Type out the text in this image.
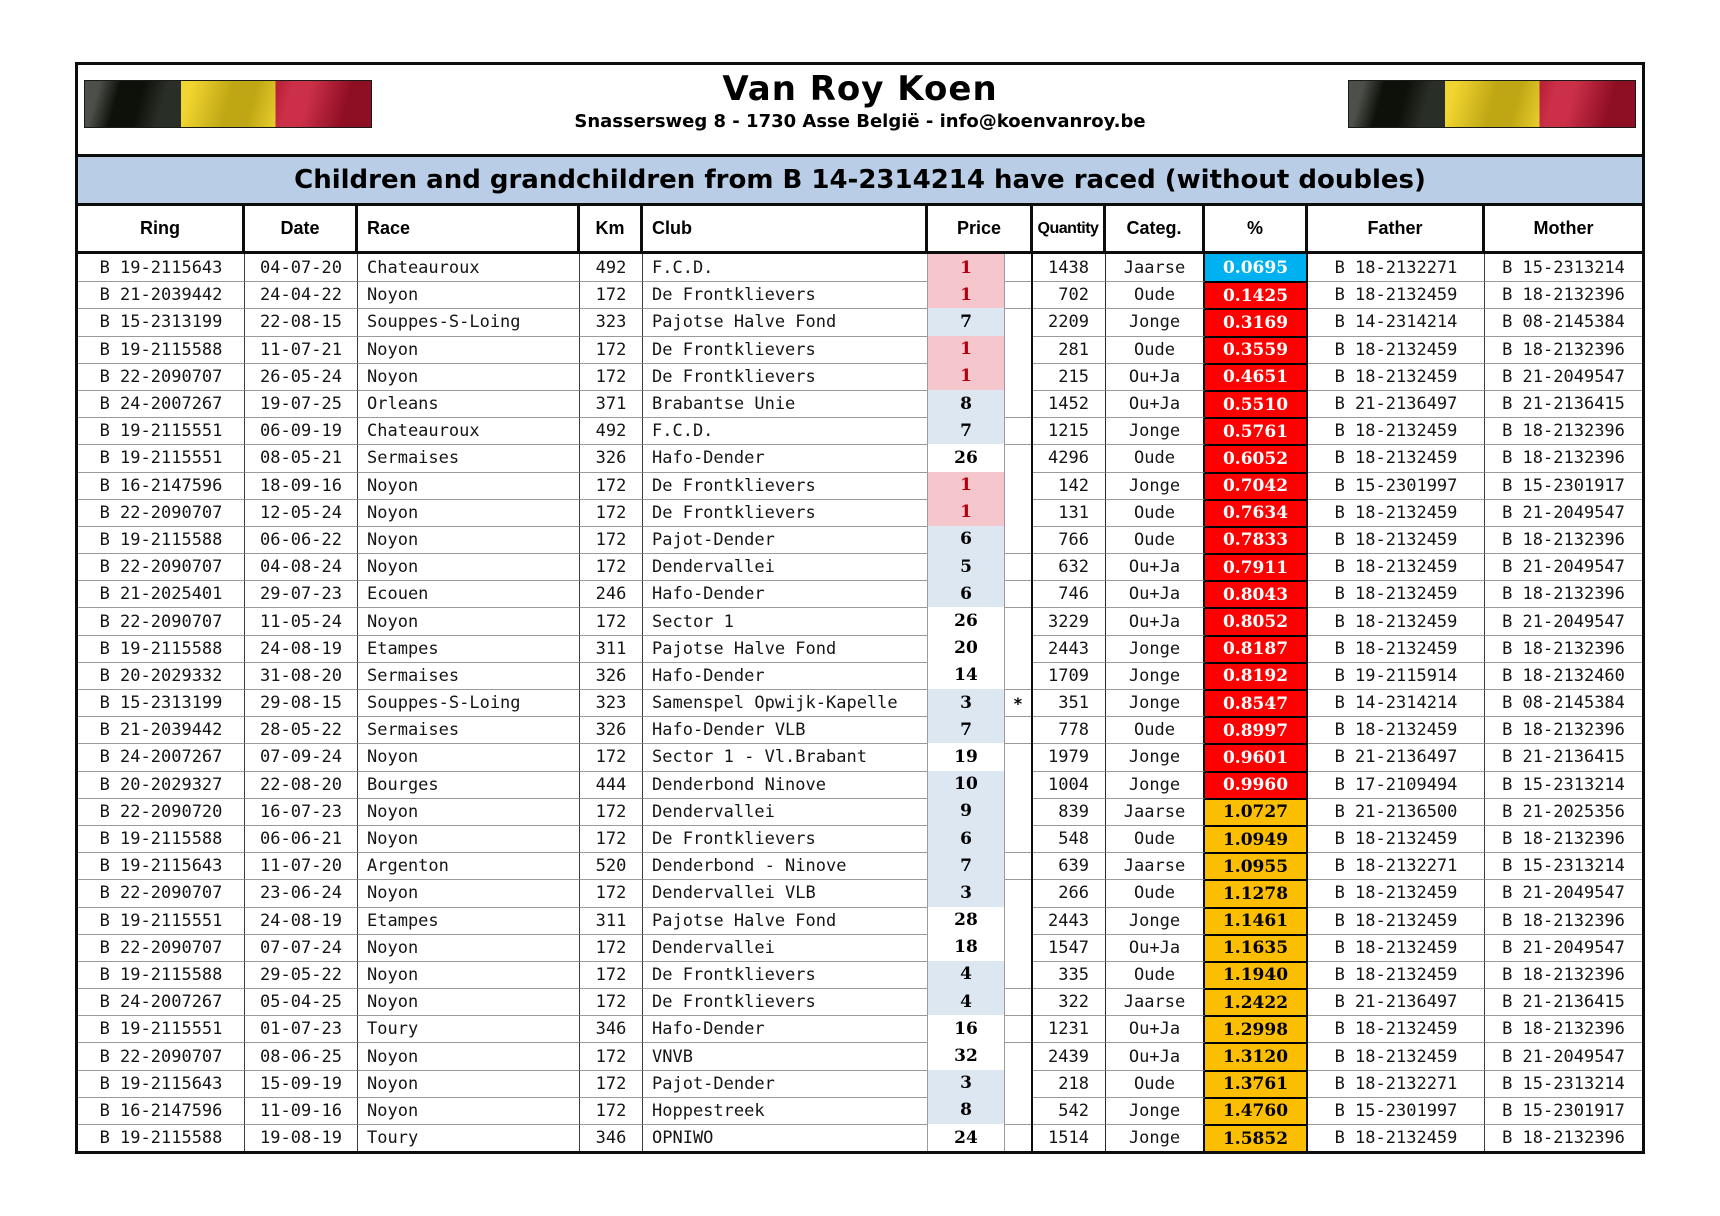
Van Roy Koen
Snassersweg 8 - 1730 Asse België - info@koenvanroy.be
Children and grandchildren from B 14-2314214 have raced (without doubles)
Ring	Date	Race	Km	Club	Price	Quantity	Categ.	%	Father	Mother
B 19-2115643	04-07-20	Chateauroux	492	F.C.D.	1	1438	Jaarse	0.0695	B 18-2132271	B 15-2313214
B 21-2039442	24-04-22	Noyon	172	De Frontklievers	1	702	Oude	0.1425	B 18-2132459	B 18-2132396
B 15-2313199	22-08-15	Souppes-S-Loing	323	Pajotse Halve Fond	7	2209	Jonge	0.3169	B 14-2314214	B 08-2145384
B 19-2115588	11-07-21	Noyon	172	De Frontklievers	1	281	Oude	0.3559	B 18-2132459	B 18-2132396
B 22-2090707	26-05-24	Noyon	172	De Frontklievers	1	215	Ou+Ja	0.4651	B 18-2132459	B 21-2049547
B 24-2007267	19-07-25	Orleans	371	Brabantse Unie	8	1452	Ou+Ja	0.5510	B 21-2136497	B 21-2136415
B 19-2115551	06-09-19	Chateauroux	492	F.C.D.	7	1215	Jonge	0.5761	B 18-2132459	B 18-2132396
B 19-2115551	08-05-21	Sermaises	326	Hafo-Dender	26	4296	Oude	0.6052	B 18-2132459	B 18-2132396
B 16-2147596	18-09-16	Noyon	172	De Frontklievers	1	142	Jonge	0.7042	B 15-2301997	B 15-2301917
B 22-2090707	12-05-24	Noyon	172	De Frontklievers	1	131	Oude	0.7634	B 18-2132459	B 21-2049547
B 19-2115588	06-06-22	Noyon	172	Pajot-Dender	6	766	Oude	0.7833	B 18-2132459	B 18-2132396
B 22-2090707	04-08-24	Noyon	172	Dendervallei	5	632	Ou+Ja	0.7911	B 18-2132459	B 21-2049547
B 21-2025401	29-07-23	Ecouen	246	Hafo-Dender	6	746	Ou+Ja	0.8043	B 18-2132459	B 18-2132396
B 22-2090707	11-05-24	Noyon	172	Sector 1	26	3229	Ou+Ja	0.8052	B 18-2132459	B 21-2049547
B 19-2115588	24-08-19	Etampes	311	Pajotse Halve Fond	20	2443	Jonge	0.8187	B 18-2132459	B 18-2132396
B 20-2029332	31-08-20	Sermaises	326	Hafo-Dender	14	1709	Jonge	0.8192	B 19-2115914	B 18-2132460
B 15-2313199	29-08-15	Souppes-S-Loing	323	Samenspel Opwijk-Kapelle	3	*	351	Jonge	0.8547	B 14-2314214	B 08-2145384
B 21-2039442	28-05-22	Sermaises	326	Hafo-Dender VLB	7	778	Oude	0.8997	B 18-2132459	B 18-2132396
B 24-2007267	07-09-24	Noyon	172	Sector 1 - Vl.Brabant	19	1979	Jonge	0.9601	B 21-2136497	B 21-2136415
B 20-2029327	22-08-20	Bourges	444	Denderbond Ninove	10	1004	Jonge	0.9960	B 17-2109494	B 15-2313214
B 22-2090720	16-07-23	Noyon	172	Dendervallei	9	839	Jaarse	1.0727	B 21-2136500	B 21-2025356
B 19-2115588	06-06-21	Noyon	172	De Frontklievers	6	548	Oude	1.0949	B 18-2132459	B 18-2132396
B 19-2115643	11-07-20	Argenton	520	Denderbond - Ninove	7	639	Jaarse	1.0955	B 18-2132271	B 15-2313214
B 22-2090707	23-06-24	Noyon	172	Dendervallei VLB	3	266	Oude	1.1278	B 18-2132459	B 21-2049547
B 19-2115551	24-08-19	Etampes	311	Pajotse Halve Fond	28	2443	Jonge	1.1461	B 18-2132459	B 18-2132396
B 22-2090707	07-07-24	Noyon	172	Dendervallei	18	1547	Ou+Ja	1.1635	B 18-2132459	B 21-2049547
B 19-2115588	29-05-22	Noyon	172	De Frontklievers	4	335	Oude	1.1940	B 18-2132459	B 18-2132396
B 24-2007267	05-04-25	Noyon	172	De Frontklievers	4	322	Jaarse	1.2422	B 21-2136497	B 21-2136415
B 19-2115551	01-07-23	Toury	346	Hafo-Dender	16	1231	Ou+Ja	1.2998	B 18-2132459	B 18-2132396
B 22-2090707	08-06-25	Noyon	172	VNVB	32	2439	Ou+Ja	1.3120	B 18-2132459	B 21-2049547
B 19-2115643	15-09-19	Noyon	172	Pajot-Dender	3	218	Oude	1.3761	B 18-2132271	B 15-2313214
B 16-2147596	11-09-16	Noyon	172	Hoppestreek	8	542	Jonge	1.4760	B 15-2301997	B 15-2301917
B 19-2115588	19-08-19	Toury	346	OPNIWO	24	1514	Jonge	1.5852	B 18-2132459	B 18-2132396
